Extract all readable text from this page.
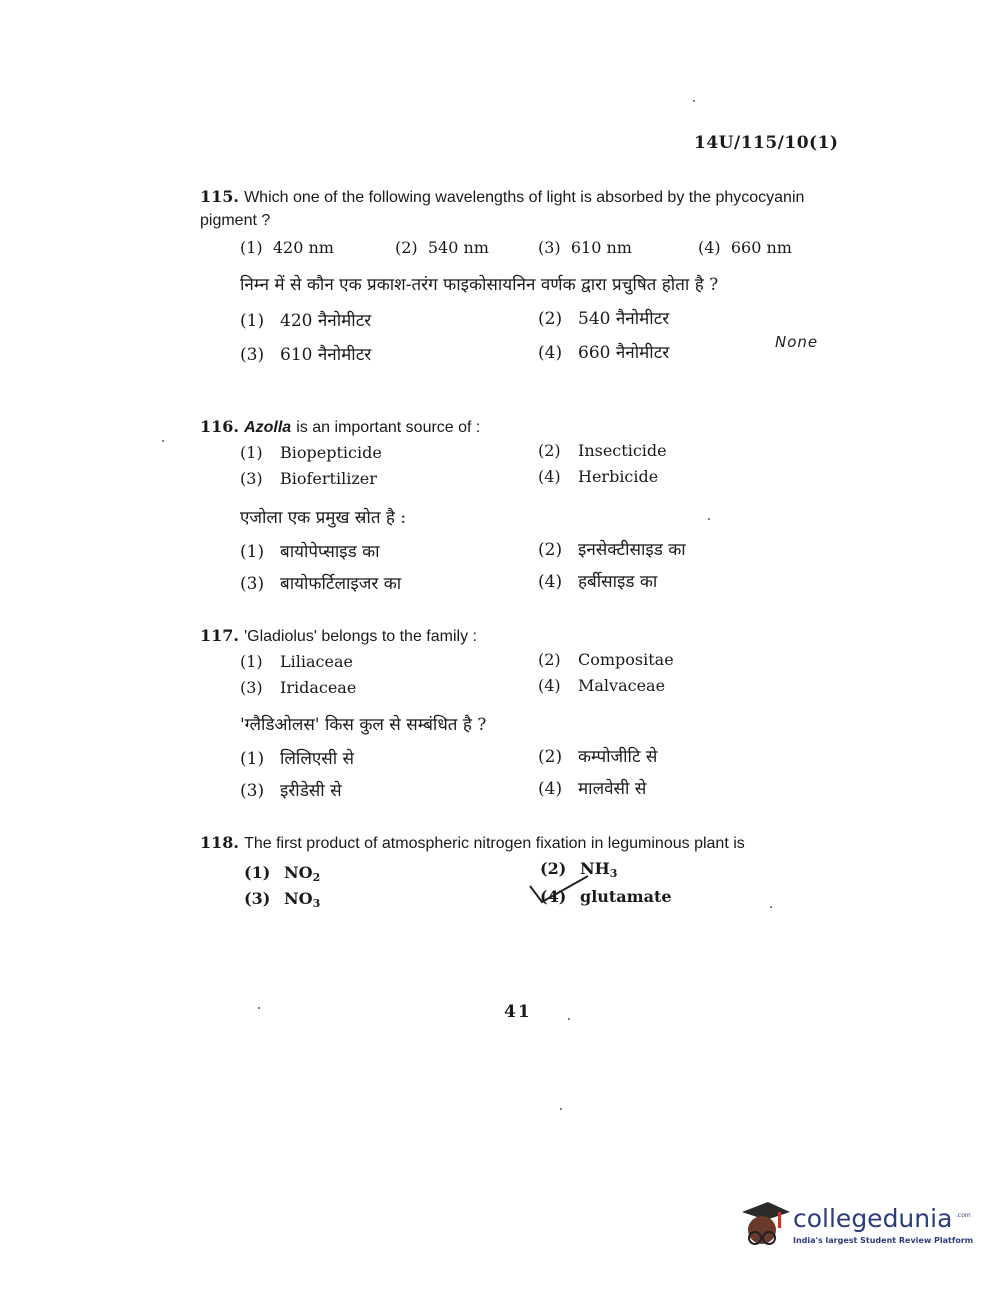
14U/115/10(1)
115. Which one of the following wavelengths of light is absorbed by the phycocyanin pigment ?
(1) 420 nm	(2) 540 nm	(3) 610 nm	(4) 660 nm
निम्न में से कौन एक प्रकाश-तरंग फाइकोसायनिन वर्णक द्वारा प्रचुषित होता है ?
(1) 420 नैनोमीटर	(2) 540 नैनोमीटर
(3) 610 नैनोमीटर	(4) 660 नैनोमीटर
None
116. Azolla is an important source of :
(1) Biopepticide	(2) Insecticide
(3) Biofertilizer	(4) Herbicide
एजोला एक प्रमुख स्रोत है :
(1) बायोपेप्साइड का	(2) इनसेक्टीसाइड का
(3) बायोफर्टिलाइजर का	(4) हर्बीसाइड का
117. 'Gladiolus' belongs to the family :
(1) Liliaceae	(2) Compositae
(3) Iridaceae	(4) Malvaceae
'ग्लैडिओलस' किस कुल से सम्बंधित है ?
(1) लिलिएसी से	(2) कम्पोजीटि से
(3) इरीडेसी से	(4) मालवेसी से
118. The first product of atmospheric nitrogen fixation in leguminous plant is
(1) $NO_2$	(2) $NH_3$
(3) $NO_3$	(4) glutamate
41
collegedunia .com
India's largest Student Review Platform
